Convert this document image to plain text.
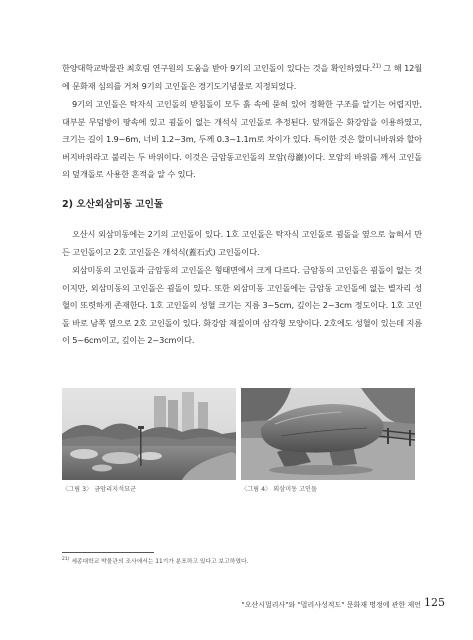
한양대학교박물관 최호림 연구원의 도움을 받아 9기의 고인돌이 있다는 것을 확인하였다.$^{21)}$ 그 해 12월에 문화재 심의를 거쳐 9기의 고인돌은 경기도기념물로 지정되었다.

9기의 고인돌은 탁자식 고인돌의 받침돌이 모두 흙 속에 묻혀 있어 정확한 구조를 알기는 어렵지만, 대부분 무덤방이 땅속에 있고 굄돌이 없는 개석식 고인돌로 추정된다. 덮개돌은 화강암을 이용하였고, 크기는 길이 1.9~6m, 너비 1.2~3m, 두께 0.3~1.1m로 차이가 있다. 특이한 것은 할미니바위와 할아버지바위라고 불리는 두 바위이다. 이것은 금암동고인돌의 모암(母巖)이다. 모암의 바위를 깨서 고인돌의 덮개돌로 사용한 흔적을 알 수 있다.

2) 오산외삼미동 고인돌

오산시 외삼미동에는 2기의 고인돌이 있다. 1호 고인돌은 탁자식 고인돌로 굄돌을 옆으로 눕혀서 만든 고인돌이고 2호 고인돌은 개석식(蓋石式) 고인돌이다.

외삼미동의 고인돌과 금암동의 고인돌은 형태면에서 크게 다르다. 금암동의 고인돌은 굄돌이 없는 것이지만, 외삼미동의 고인돌은 굄돌이 있다. 또한 외삼미동 고인돌에는 금암동 고인돌에 없는 별자리 성혈이 또렷하게 존재한다. 1호 고인돌의 성혈 크기는 지름 3~5cm, 깊이는 2~3cm 정도이다. 1호 고인돌 바로 남쪽 옆으로 2호 고인돌이 있다. 화강암 재질이며 삼각형 모양이다. 2호에도 성혈이 있는데 지름이 5~6cm이고, 깊이는 2~3cm이다.

〈그림 3〉 금암리지석묘군	〈그림 4〉 외삼미동 고인돌
$^{21)}$ 세종대학교 박물관의 조사에서는 11기가 분포하고 있다고 보고하였다.
"오산시멀리사"와 "멀리사성적도" 문화재 명정에 관한 제언 125
